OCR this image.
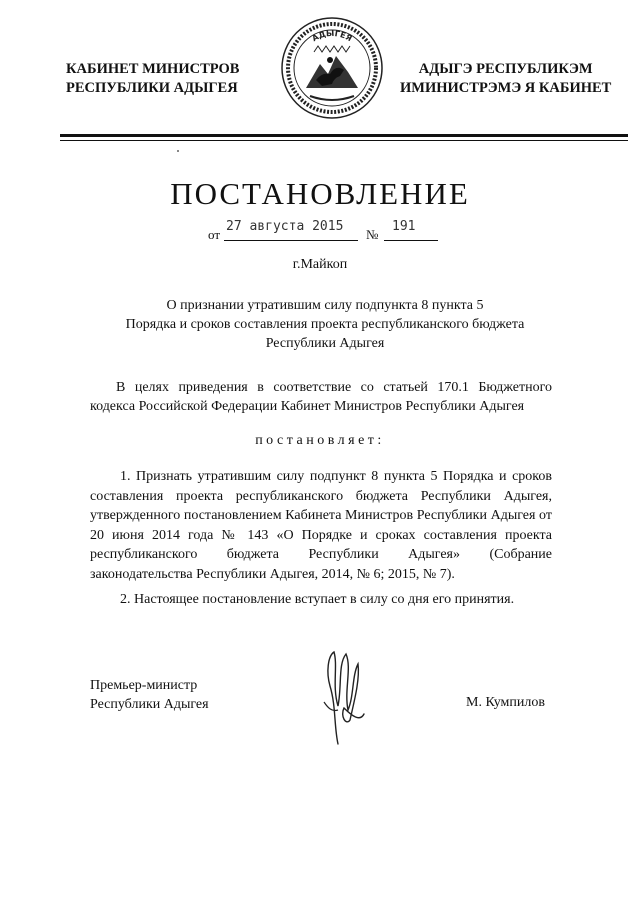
КАБИНЕТ МИНИСТРОВ
РЕСПУБЛИКИ АДЫГЕЯ
АДЫГЕЯ
АДЫГЭ РЕСПУБЛИКЭМ
ИМИНИСТРЭМЭ Я КАБИНЕТ
ПОСТАНОВЛЕНИЕ
от
27 августа 2015
№
191
г.Майкоп
О признании утратившим силу подпункта 8 пункта 5
Порядка и сроков составления проекта республиканского бюджета
Республики Адыгея
В целях приведения в соответствие со статьей 170.1 Бюджетного кодекса Российской Федерации Кабинет Министров Республики Адыгея
постановляет:
1. Признать утратившим силу подпункт 8 пункта 5 Порядка и сроков составления проекта республиканского бюджета Республики Адыгея, утвержденного постановлением Кабинета Министров Республики Адыгея от 20 июня 2014 года № 143 «О Порядке и сроках составления проекта республиканского бюджета Республики Адыгея» (Собрание законодательства Республики Адыгея, 2014, № 6; 2015, № 7).
2. Настоящее постановление вступает в силу со дня его принятия.
Премьер-министр
Республики Адыгея	М. Кумпилов
